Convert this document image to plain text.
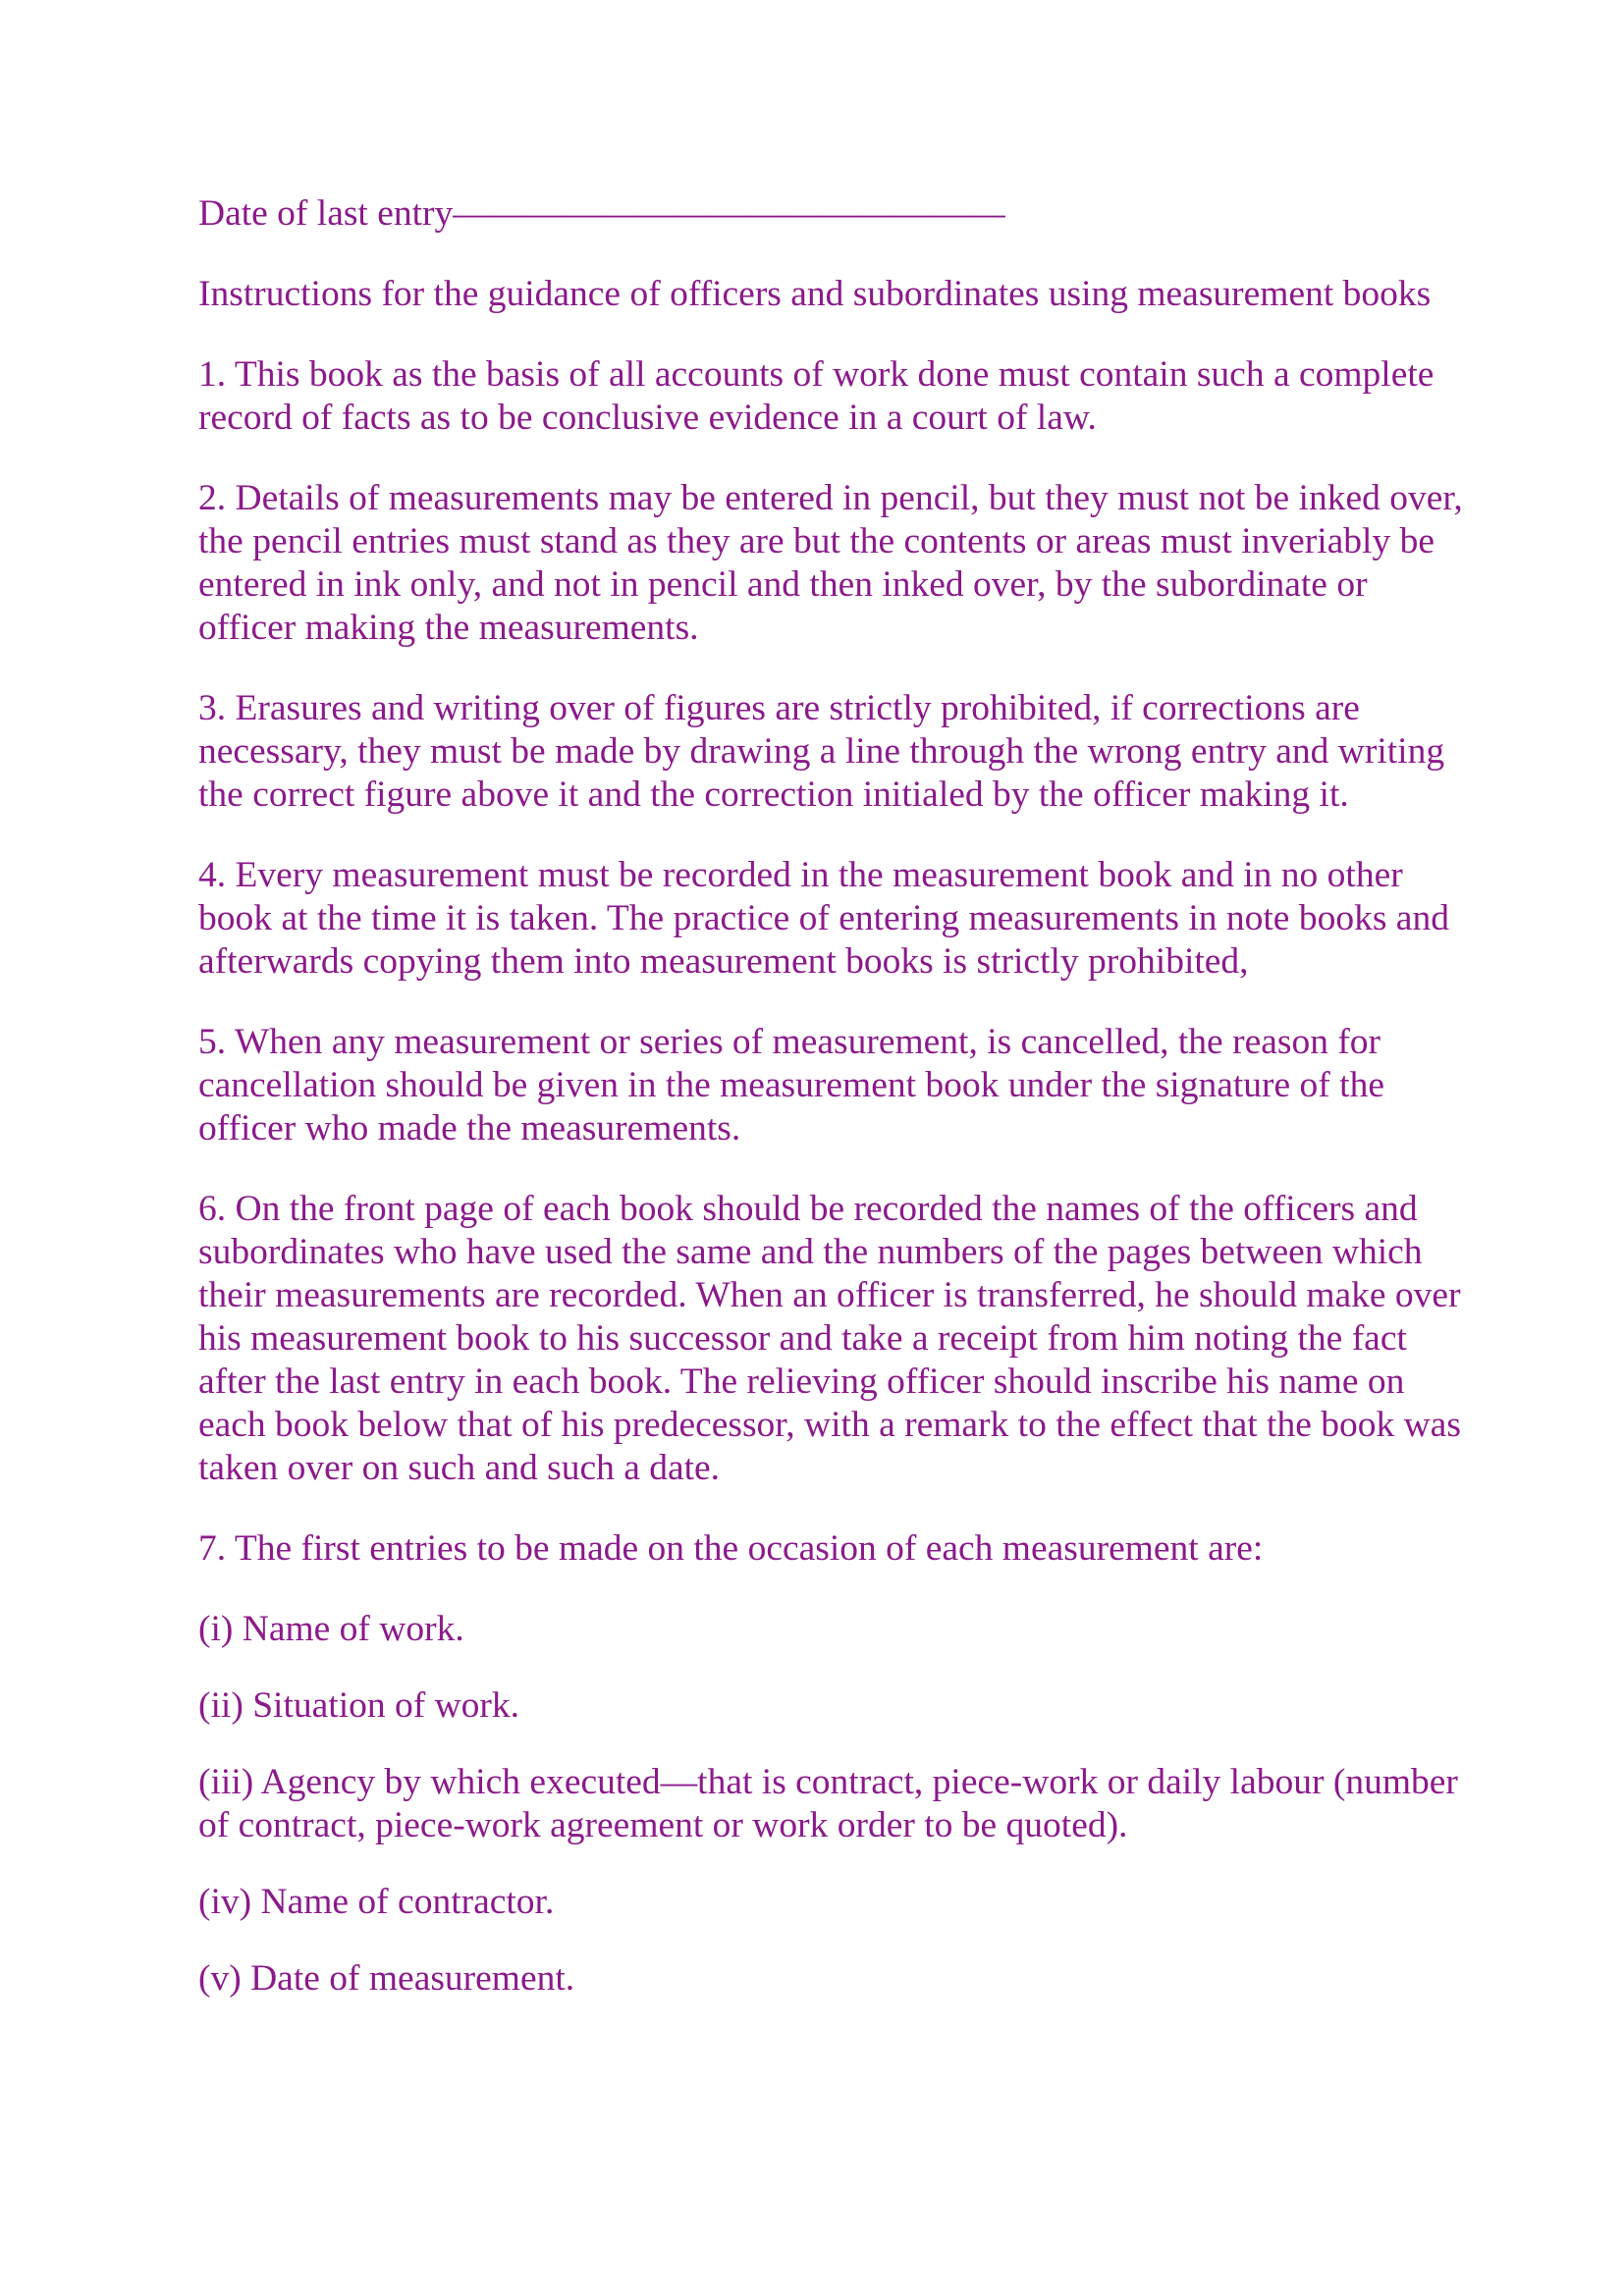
Date of last entry———————————————

Instructions for the guidance of officers and subordinates using measurement books

1. This book as the basis of all accounts of work done must contain such a complete record of facts as to be conclusive evidence in a court of law.

2. Details of measurements may be entered in pencil, but they must not be inked over, the pencil entries must stand as they are but the contents or areas must inveriably be entered in ink only, and not in pencil and then inked over, by the subordinate or officer making the measurements.

3. Erasures and writing over of figures are strictly prohibited, if corrections are necessary, they must be made by drawing a line through the wrong entry and writing the correct figure above it and the correction initialed by the officer making it.

4. Every measurement must be recorded in the measurement book and in no other book at the time it is taken. The practice of entering measurements in note books and afterwards copying them into measurement books is strictly prohibited,

5. When any measurement or series of measurement, is cancelled, the reason for cancellation should be given in the measurement book under the signature of the officer who made the measurements.

6. On the front page of each book should be recorded the names of the officers and subordinates who have used the same and the numbers of the pages between which their measurements are recorded. When an officer is transferred, he should make over his measurement book to his successor and take a receipt from him noting the fact after the last entry in each book. The relieving officer should inscribe his name on each book below that of his predecessor, with a remark to the effect that the book was taken over on such and such a date.

7. The first entries to be made on the occasion of each measurement are:

(i) Name of work.

(ii) Situation of work.

(iii) Agency by which executed—that is contract, piece-work or daily labour (number of contract, piece-work agreement or work order to be quoted).

(iv) Name of contractor.

(v) Date of measurement.
